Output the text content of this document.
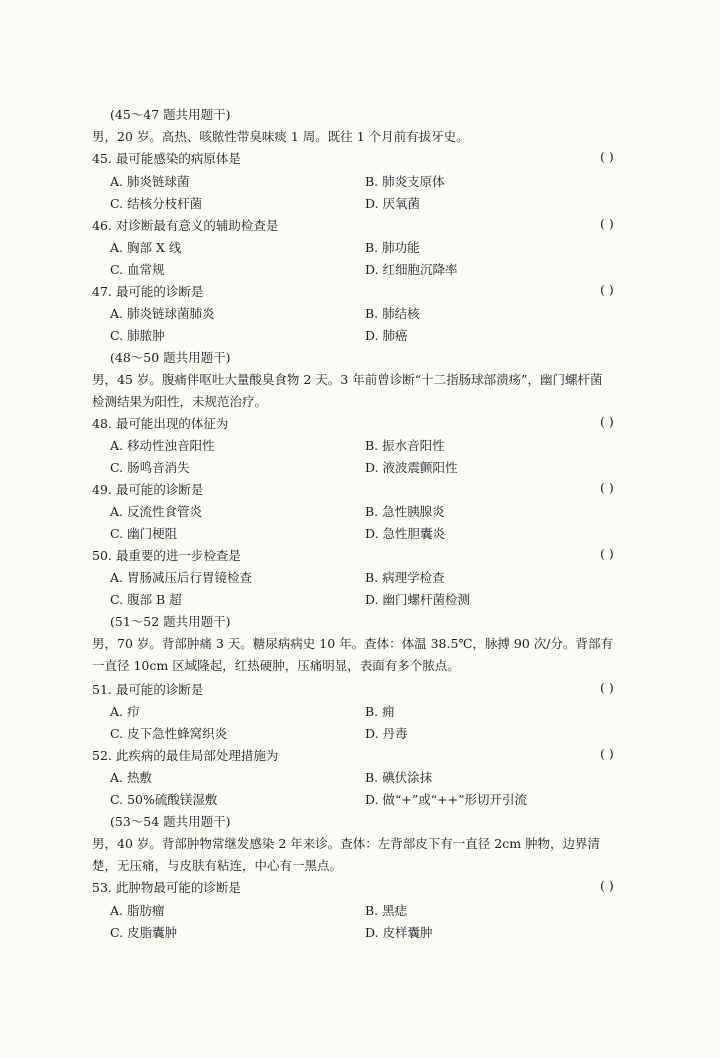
(45～47 题共用题干)
男，20 岁。高热、咳脓性带臭味痰 1 周。既往 1 个月前有拔牙史。
45. 最可能感染的病原体是	( )
A. 肺炎链球菌	B. 肺炎支原体
C. 结核分枝杆菌	D. 厌氧菌
46. 对诊断最有意义的辅助检查是	( )
A. 胸部 X 线	B. 肺功能
C. 血常规	D. 红细胞沉降率
47. 最可能的诊断是	( )
A. 肺炎链球菌肺炎	B. 肺结核
C. 肺脓肿	D. 肺癌
(48～50 题共用题干)
男，45 岁。腹痛伴呕吐大量酸臭食物 2 天。3 年前曾诊断“十二指肠球部溃疡”，幽门螺杆菌
检测结果为阳性，未规范治疗。
48. 最可能出现的体征为	( )
A. 移动性浊音阳性	B. 振水音阳性
C. 肠鸣音消失	D. 液波震颤阳性
49. 最可能的诊断是	( )
A. 反流性食管炎	B. 急性胰腺炎
C. 幽门梗阻	D. 急性胆囊炎
50. 最重要的进一步检查是	( )
A. 胃肠减压后行胃镜检查	B. 病理学检查
C. 腹部 B 超	D. 幽门螺杆菌检测
(51～52 题共用题干)
男，70 岁。背部肿痛 3 天。糖尿病病史 10 年。查体：体温 38.5℃，脉搏 90 次/分。背部有
一直径 10cm 区域隆起，红热硬肿，压痛明显，表面有多个脓点。
51. 最可能的诊断是	( )
A. 疖	B. 痈
C. 皮下急性蜂窝织炎	D. 丹毒
52. 此疾病的最佳局部处理措施为	( )
A. 热敷	B. 碘伏涂抹
C. 50%硫酸镁湿敷	D. 做“+”或“++”形切开引流
(53～54 题共用题干)
男，40 岁。背部肿物常继发感染 2 年来诊。查体：左背部皮下有一直径 2cm 肿物，边界清
楚，无压痛，与皮肤有粘连，中心有一黑点。
53. 此肿物最可能的诊断是	( )
A. 脂肪瘤	B. 黑痣
C. 皮脂囊肿	D. 皮样囊肿
